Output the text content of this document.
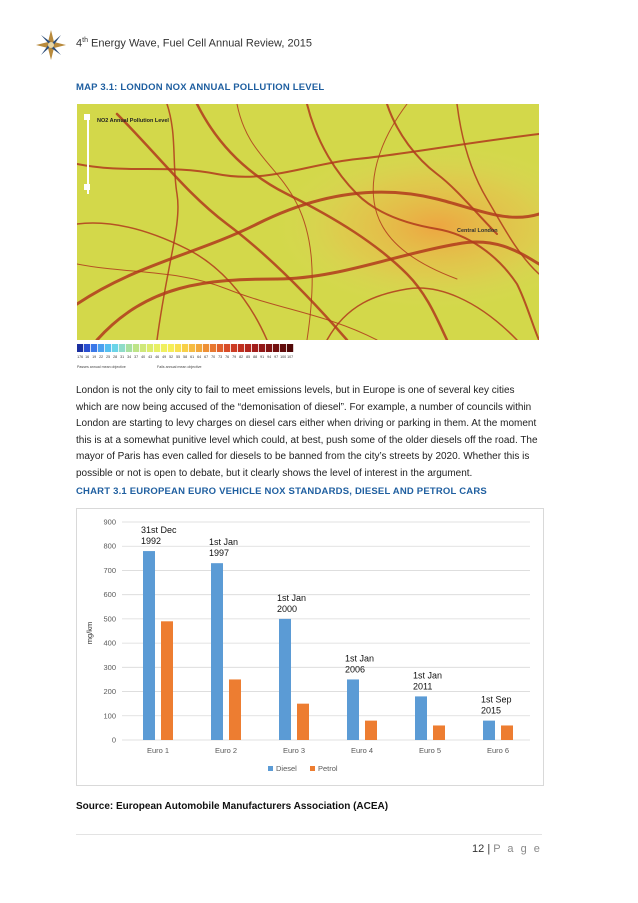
4th Energy Wave, Fuel Cell Annual Review, 2015
MAP 3.1: LONDON NOX ANNUAL POLLUTION LEVEL
NO2 Annual Pollution Level
Central London
176 16 19 22 25 28 31 34 37 40 43 46 49 52 55 58 61 64 67 70 73 76 79 82 85 88 91 94 97 100 107
Passes annual mean objective	Fails annual mean objective
London is not the only city to fail to meet emissions levels, but in Europe is one of several key cities which are now being accused of the “demonisation of diesel”. For example, a number of councils within London are starting to levy charges on diesel cars either when driving or parking in them. At the moment this is at a somewhat punitive level which could, at best, push some of the older diesels off the road. The mayor of Paris has even called for diesels to be banned from the city’s streets by 2020. Whether this is possible or not is open to debate, but it clearly shows the level of interest in the argument.
CHART 3.1 EUROPEAN EURO VEHICLE NOX STANDARDS, DIESEL AND PETROL CARS
0
100
200
300
400
500
600
700
800
900
Euro 1	Euro 2	Euro 3	Euro 4	Euro 5	Euro 6
31st Dec
1992	1st Jan
1997
1st Jan
2000
1st Jan
2006
1st Jan
2011
1st Sep
2015
mg/km
Diesel	Petrol
Source: European Automobile Manufacturers Association (ACEA)
12 | P a g e
